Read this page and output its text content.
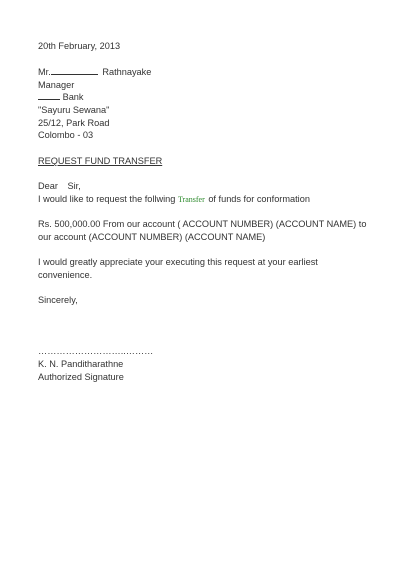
20th February, 2013
Mr.	Rathnayake
Manager
Bank
"Sayuru Sewana"
25/12, Park Road
Colombo - 03
REQUEST FUND TRANSFER
Dear Sir,
I would like to request the follwing Transfer of funds for conformation
Rs. 500,000.00 From our account ( ACCOUNT NUMBER) (ACCOUNT NAME) to
our account (ACCOUNT NUMBER) (ACCOUNT NAME)
I would greatly appreciate your executing this request at your earliest
convenience.
Sincerely,
………………………..………
K. N. Panditharathne
Authorized Signature
